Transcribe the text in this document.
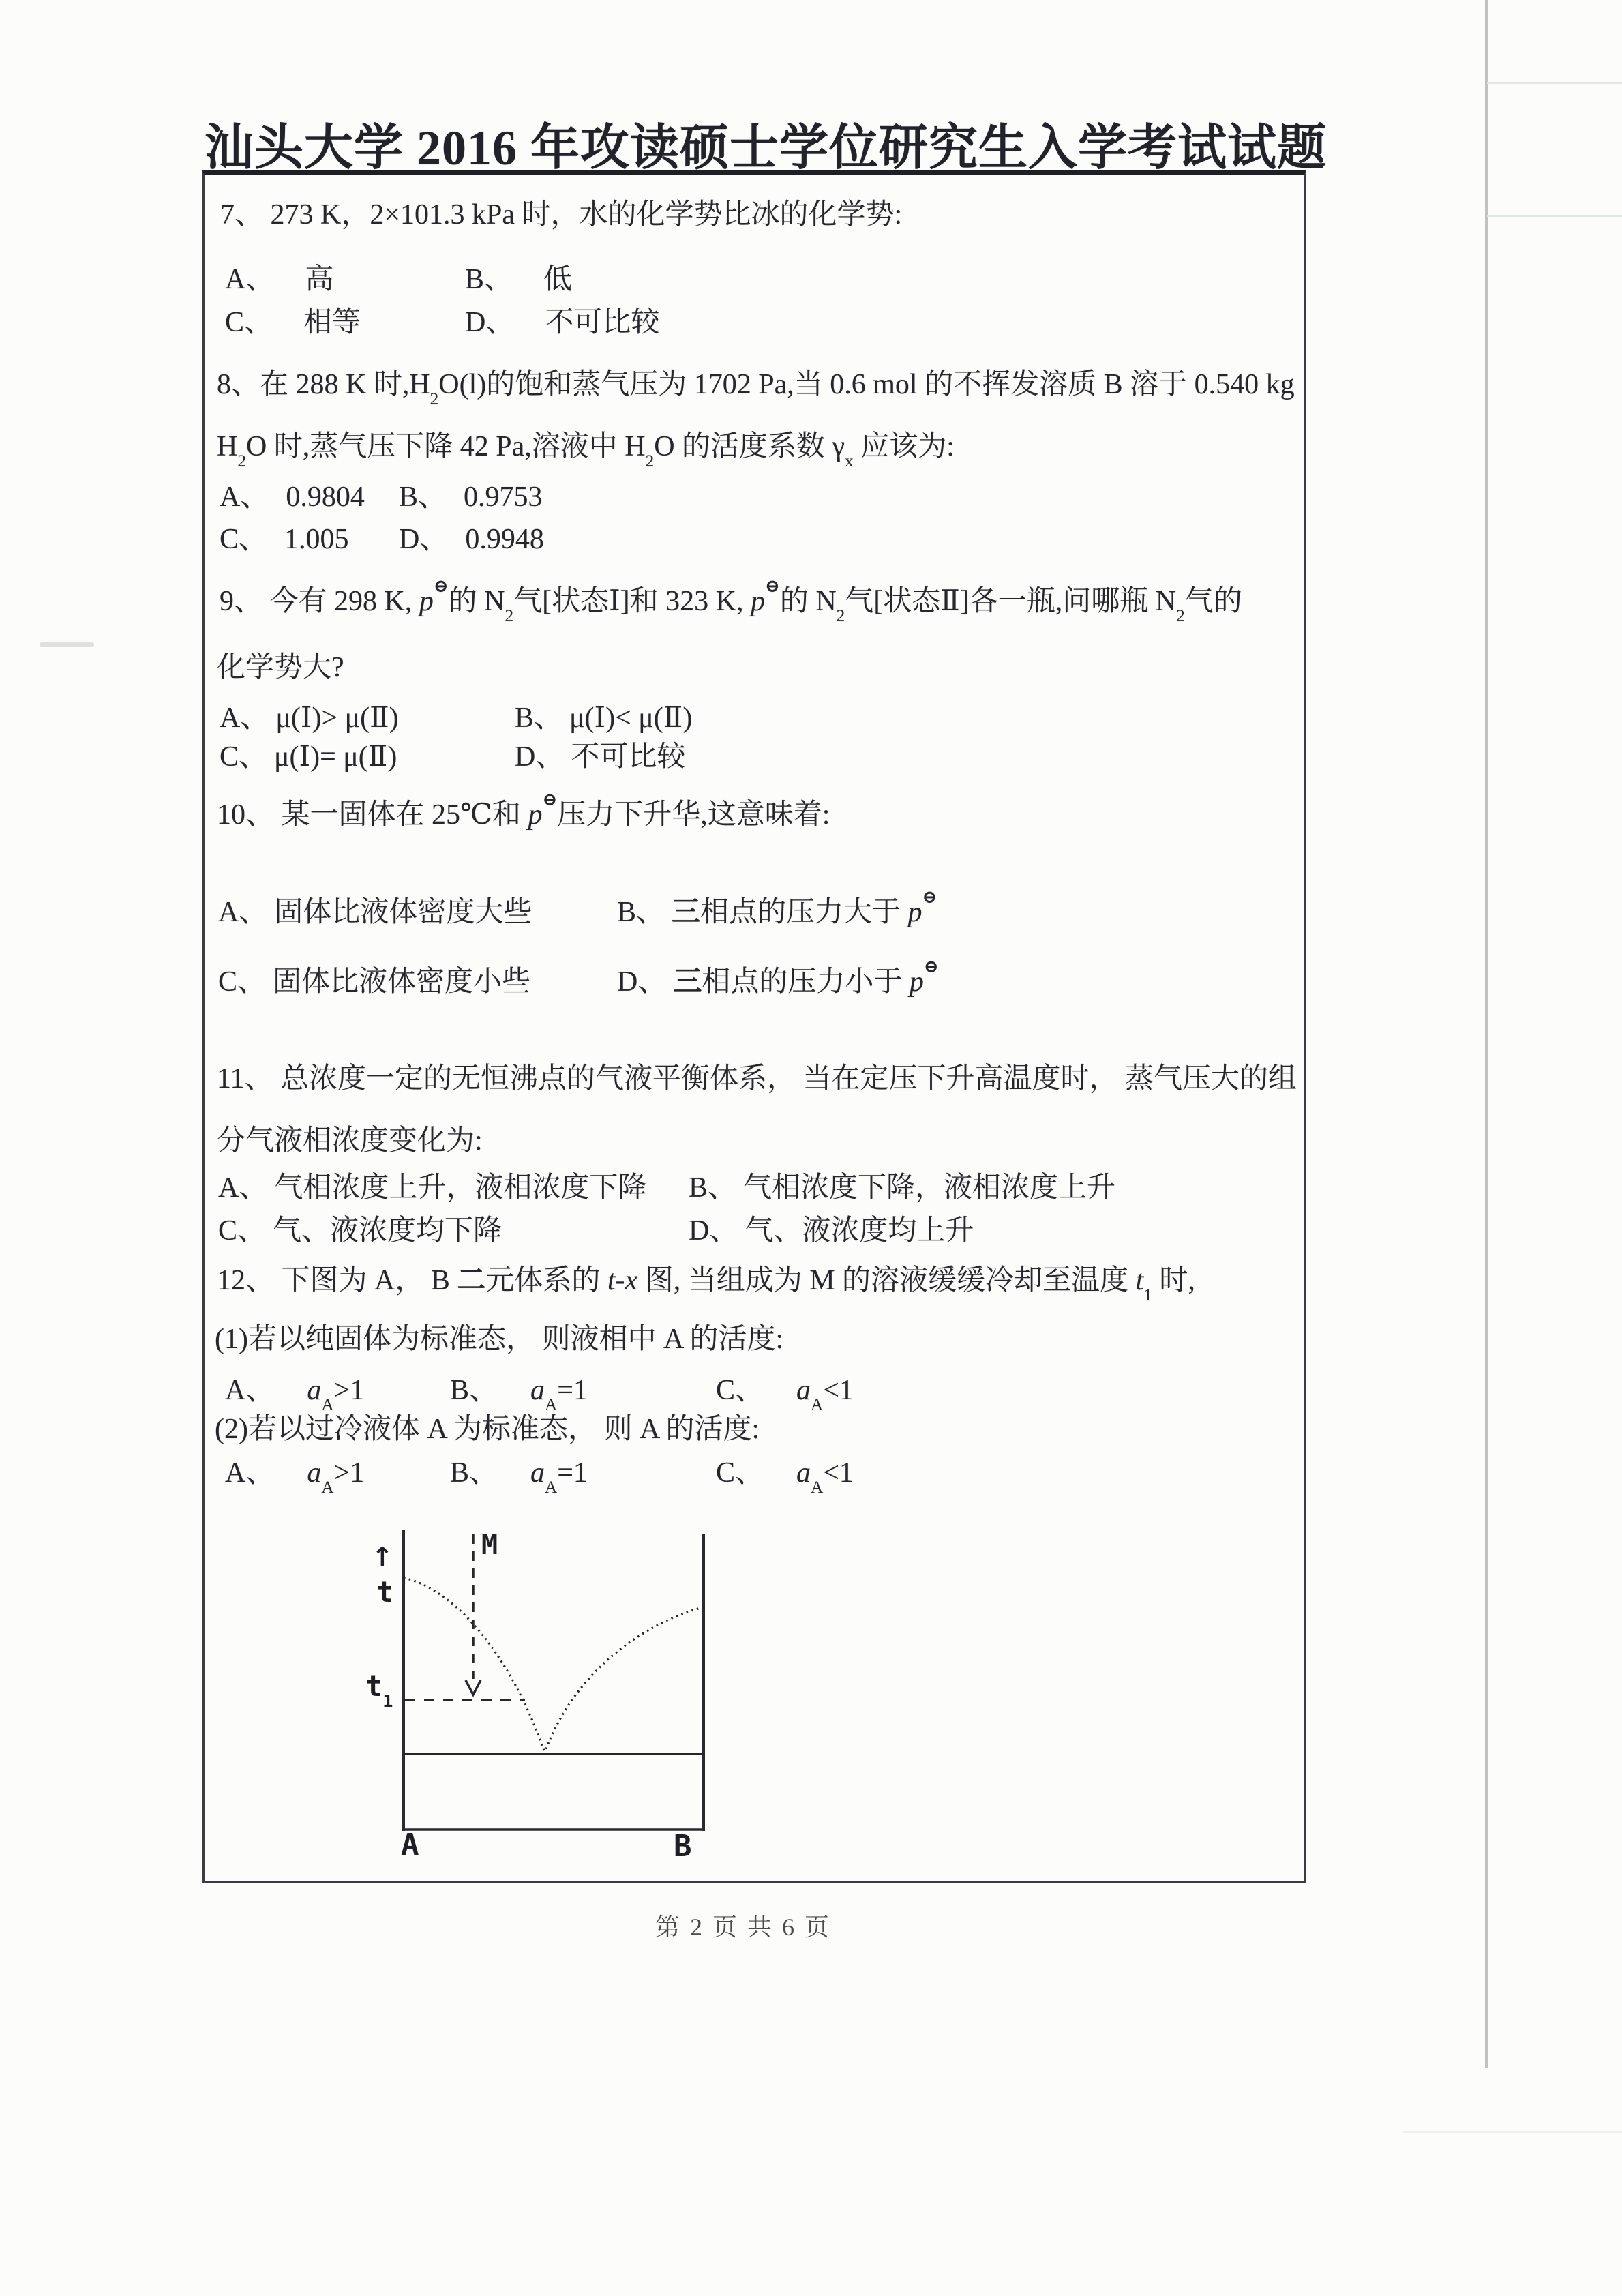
汕头大学 2016 年攻读硕士学位研究生入学考试试题
7、 273 K，2×101.3 kPa 时，水的化学势比冰的化学势:
A、 高	B、 低
C、 相等	D、 不可比较
8、在 288 K 时$,H_2O(l)$的饱和蒸气压为 1702 Pa,当 0.6 mol 的不挥发溶质 B 溶于 0.540 kg
$H_2O$ 时,蒸气压下降 42 Pa,溶液中 $H_2O$ 的活度系数 $\gamma_x$ 应该为:
A、 0.9804 B、 0.9753
C、 1.005 D、 0.9948
9、 今有 298 K, p⊖的 $N_2$气[状态Ⅰ]和 323 K, p⊖的 $N_2$气[状态Ⅱ]各一瓶,问哪瓶 $N_2$气的
化学势大?
A、 μ(Ⅰ)> μ(Ⅱ)	B、 μ(Ⅰ)< μ(Ⅱ)
C、 μ(Ⅰ)= μ(Ⅱ)	D、 不可比较
10、 某一固体在 25℃和 p⊖压力下升华,这意味着:
A、 固体比液体密度大些	B、 三相点的压力大于 p⊖
C、 固体比液体密度小些	D、 三相点的压力小于 p⊖
11、 总浓度一定的无恒沸点的气液平衡体系， 当在定压下升高温度时， 蒸气压大的组
分气液相浓度变化为:
A、 气相浓度上升，液相浓度下降 B、 气相浓度下降，液相浓度上升
C、 气、液浓度均下降	D、 气、液浓度均上升
12、 下图为 A， B 二元体系的 t-x 图, 当组成为 M 的溶液缓缓冷却至温度 $t_1$ 时,
(1)若以纯固体为标准态， 则液相中 A 的活度:
A、 $a_A>1$	B、 $a_A=1$	C、 $a_A<1$
(2)若以过冷液体 A 为标准态， 则 A 的活度:
A、 $a_A>1$	B、 $a_A=1$	C、 $a_A<1$
M
↑
t
$t_1$
A	B
第 2 页 共 6 页
